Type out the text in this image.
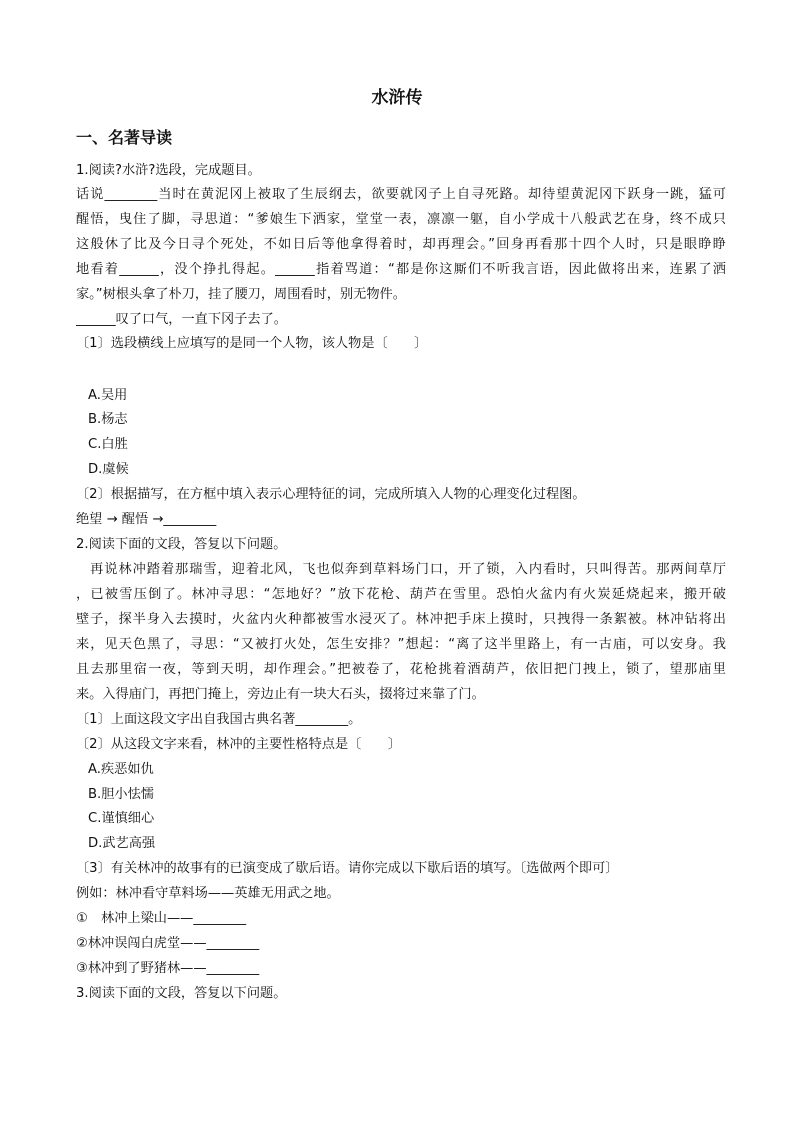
水浒传
一、名著导读
1.阅读?水浒?选段，完成题目。
话说________当时在黄泥冈上被取了生辰纲去，欲要就冈子上自寻死路。却待望黄泥冈下跃身一跳，猛可
醒悟，曳住了脚，寻思道：“爹娘生下洒家，堂堂一表，凛凛一躯，自小学成十八般武艺在身，终不成只
这般休了比及今日寻个死处，不如日后等他拿得着时，却再理会。”回身再看那十四个人时，只是眼睁睁
地看着______，没个挣扎得起。______指着骂道：“都是你这厮们不听我言语，因此做将出来，连累了洒
家。”树根头拿了朴刀，挂了腰刀，周围看时，别无物件。
______叹了口气，一直下冈子去了。
〔1〕选段横线上应填写的是同一个人物，该人物是〔　　〕
A.吴用
B.杨志
C.白胜
D.虞候
〔2〕根据描写，在方框中填入表示心理特征的词，完成所填入人物的心理变化过程图。
绝望 → 醒悟 →________
2.阅读下面的文段，答复以下问题。
　再说林冲踏着那瑞雪，迎着北风，飞也似奔到草料场门口，开了锁，入内看时，只叫得苦。那两间草厅
，已被雪压倒了。林冲寻思：“怎地好？”放下花枪、葫芦在雪里。恐怕火盆内有火炭延烧起来，搬开破
壁子，探半身入去摸时，火盆内火种都被雪水浸灭了。林冲把手床上摸时，只拽得一条絮被。林冲钻将出
来，见天色黑了，寻思：“又被打火处，怎生安排？”想起：“离了这半里路上，有一古庙，可以安身。我
且去那里宿一夜，等到天明，却作理会。”把被卷了，花枪挑着酒葫芦，依旧把门拽上，锁了，望那庙里
来。入得庙门，再把门掩上，旁边止有一块大石头，掇将过来靠了门。
〔1〕上面这段文字出自我国古典名著________。
〔2〕从这段文字来看，林冲的主要性格特点是〔　　〕
A.疾恶如仇
B.胆小怯懦
C.谨慎细心
D.武艺高强
〔3〕有关林冲的故事有的已演变成了歇后语。请你完成以下歇后语的填写。〔选做两个即可〕
例如：林冲看守草料场——英雄无用武之地。
①　林冲上梁山——________
②林冲误闯白虎堂——________
③林冲到了野猪林——________
3.阅读下面的文段，答复以下问题。
